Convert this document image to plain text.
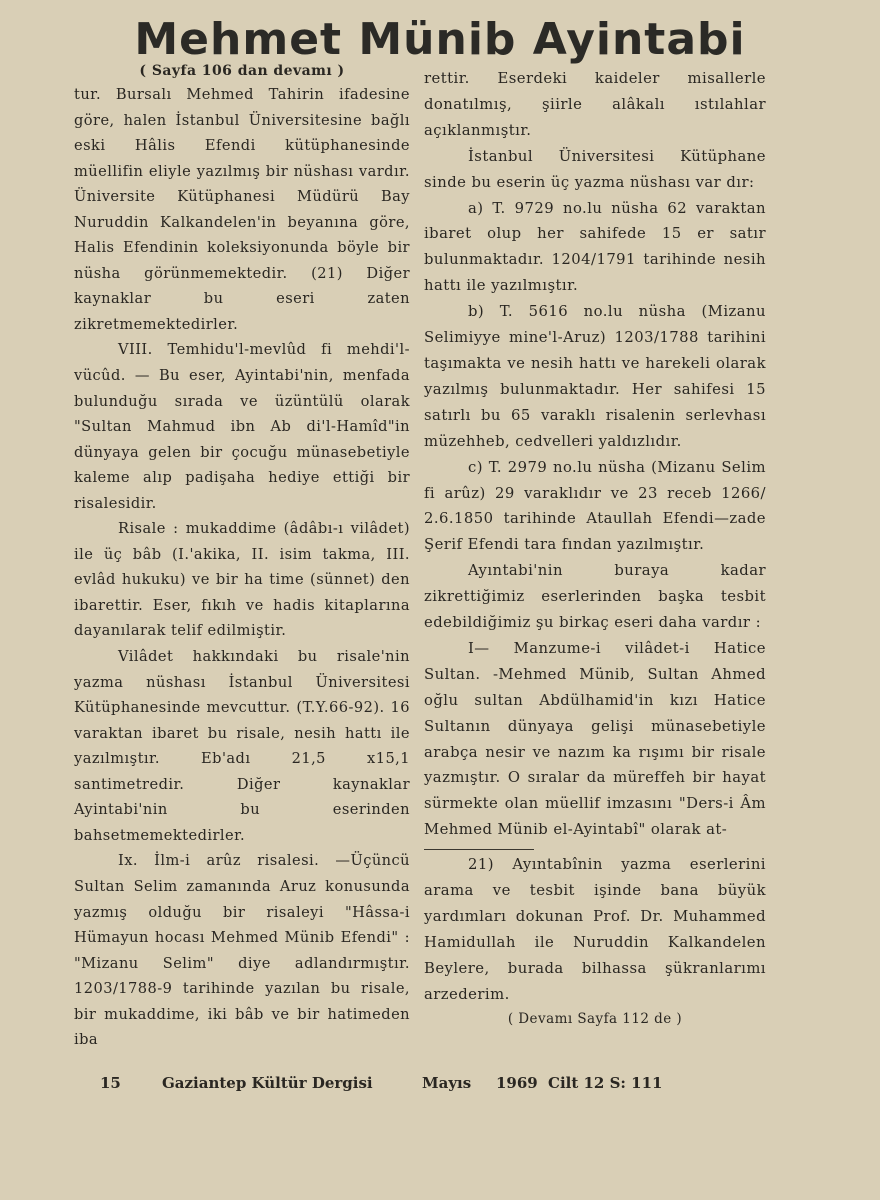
Mehmet Münib Ayintabi
( Sayfa 106 dan devamı )

tur. Bursalı Mehmed Tahirin ifadesine göre, halen İstanbul Üniversitesine bağlı eski Hâlis Efendi kütüphanesinde müellifin eliyle yazılmış bir nüshası vardır. Üniversite Kütüphanesi Müdürü Bay Nuruddin Kalkandelen'in beyanına göre, Halis Efendinin koleksiyonunda böyle bir nüsha görünmemektedir. (21) Diğer kaynaklar bu eseri zaten zikretmemektedirler.

VIII. Temhidu'l-mevlûd fi mehdi'l-vücûd. — Bu eser, Ayintabi'nin, menfada bulunduğu sırada ve üzüntülü olarak "Sultan Mahmud ibn Ab di'l-Hamîd"in dünyaya gelen bir çocuğu münasebetiyle kaleme alıp padişaha hediye ettiği bir risalesidir.

Risale : mukaddime (âdâbı-ı vilâdet) ile üç bâb (I.'akika, II. isim takma, III. evlâd hukuku) ve bir ha time (sünnet) den ibarettir. Eser, fıkıh ve hadis kitaplarına dayanılarak telif edilmiştir.

Vilâdet hakkındaki bu risale'nin yazma nüshası İstanbul Üniversitesi Kütüphanesinde mevcuttur. (T.Y.66-92). 16 varaktan ibaret bu risale, nesih hattı ile yazılmıştır. Eb'adı 21,5 x15,1 santimetredir. Diğer kaynaklar Ayintabi'nin bu eserinden bahsetmemektedirler.

Ix. İlm-i arûz risalesi. —Üçüncü Sultan Selim zamanında Aruz konusunda yazmış olduğu bir risaleyi "Hâssa-i Hümayun hocası Mehmed Münib Efendi" : "Mizanu Selim" diye adlandırmıştır. 1203/1788-9 tarihinde yazılan bu risale, bir mukaddime, iki bâb ve bir hatimeden iba

rettir. Eserdeki kaideler misallerle donatılmış, şiirle alâkalı ıstılahlar açıklanmıştır.

İstanbul Üniversitesi Kütüphane sinde bu eserin üç yazma nüshası var dır:

a) T. 9729 no.lu nüsha 62 varaktan ibaret olup her sahifede 15 er satır bulunmaktadır. 1204/1791 tarihinde nesih hattı ile yazılmıştır.

b) T. 5616 no.lu nüsha (Mizanu Selimiyye mine'l-Aruz) 1203/1788 tarihini taşımakta ve nesih hattı ve harekeli olarak yazılmış bulunmaktadır. Her sahifesi 15 satırlı bu 65 varaklı risalenin serlevhası müzehheb, cedvelleri yaldızlıdır.

c) T. 2979 no.lu nüsha (Mizanu Selim fi arûz) 29 varaklıdır ve 23 receb 1266/ 2.6.1850 tarihinde Ataullah Efendi—zade Şerif Efendi tara fından yazılmıştır.

Ayıntabi'nin buraya kadar zikrettiğimiz eserlerinden başka tesbit edebildiğimiz şu birkaç eseri daha vardır :

I— Manzume-i vilâdet-i Hatice Sultan. -Mehmed Münib, Sultan Ahmed oğlu sultan Abdülhamid'in kızı Hatice Sultanın dünyaya gelişi münasebetiyle arabça nesir ve nazım ka rışımı bir risale yazmıştır. O sıralar da müreffeh bir hayat sürmekte olan müellif imzasını "Ders-i Âm Mehmed Münib el-Ayintabî" olarak at-

21) Ayıntabînin yazma eserlerini arama ve tesbit işinde bana büyük yardımları dokunan Prof. Dr. Muhammed Hamidullah ile Nuruddin Kalkandelen Beylere, burada bilhassa şükranlarımı arzederim.

( Devamı Sayfa 112 de )
15	Gaziantep Kültür Dergisi	Mayıs 1969 Cilt 12 S: 111
